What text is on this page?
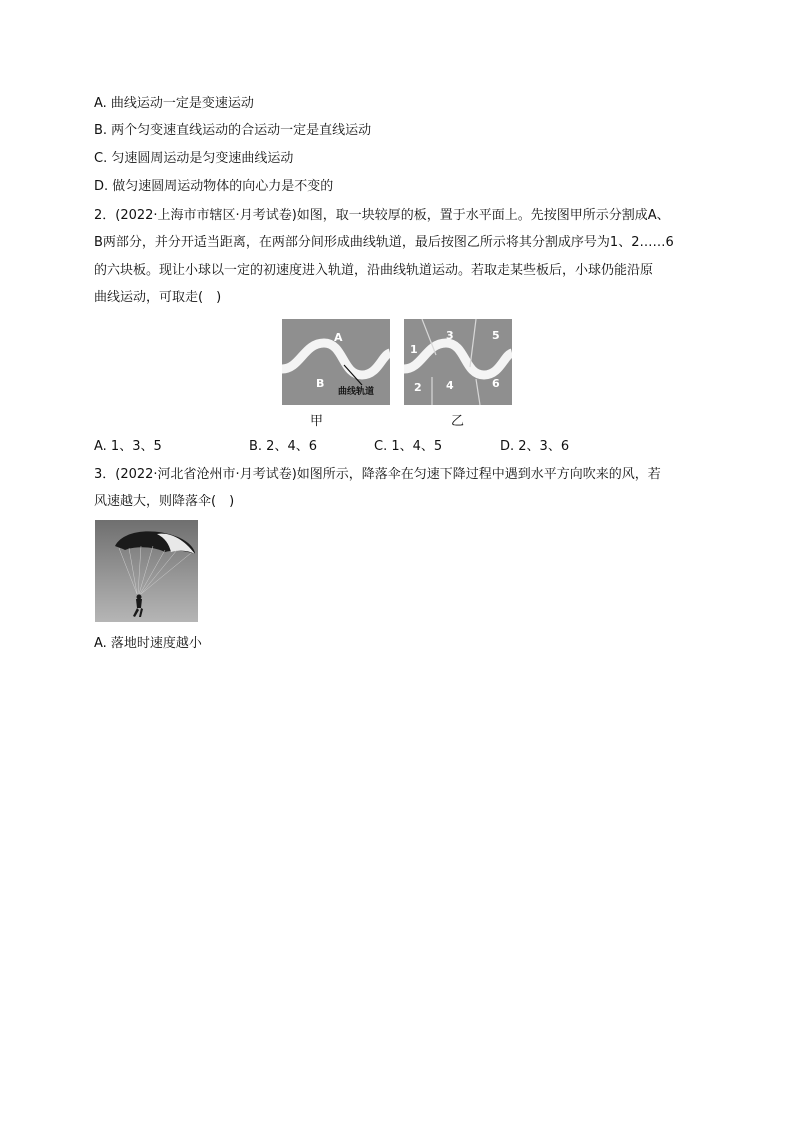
A. 曲线运动一定是变速运动
B. 两个匀变速直线运动的合运动一定是直线运动
C. 匀速圆周运动是匀变速曲线运动
D. 做匀速圆周运动物体的向心力是不变的
2．(2022·上海市市辖区·月考试卷)如图，取一块较厚的板，置于水平面上。先按图甲所示分割成A、
B两部分，并分开适当距离，在两部分间形成曲线轨道，最后按图乙所示将其分割成序号为1、2……6
的六块板。现让小球以一定的初速度进入轨道，沿曲线轨道运动。若取走某些板后，小球仍能沿原
曲线运动，可取走(　)
A
B
曲线轨道
1
2
3
4
5
6
甲	乙
A. 1、3、5	B. 2、4、6	C. 1、4、5	D. 2、3、6
3．(2022·河北省沧州市·月考试卷)如图所示，降落伞在匀速下降过程中遇到水平方向吹来的风，若
风速越大，则降落伞(　)
A. 落地时速度越小
